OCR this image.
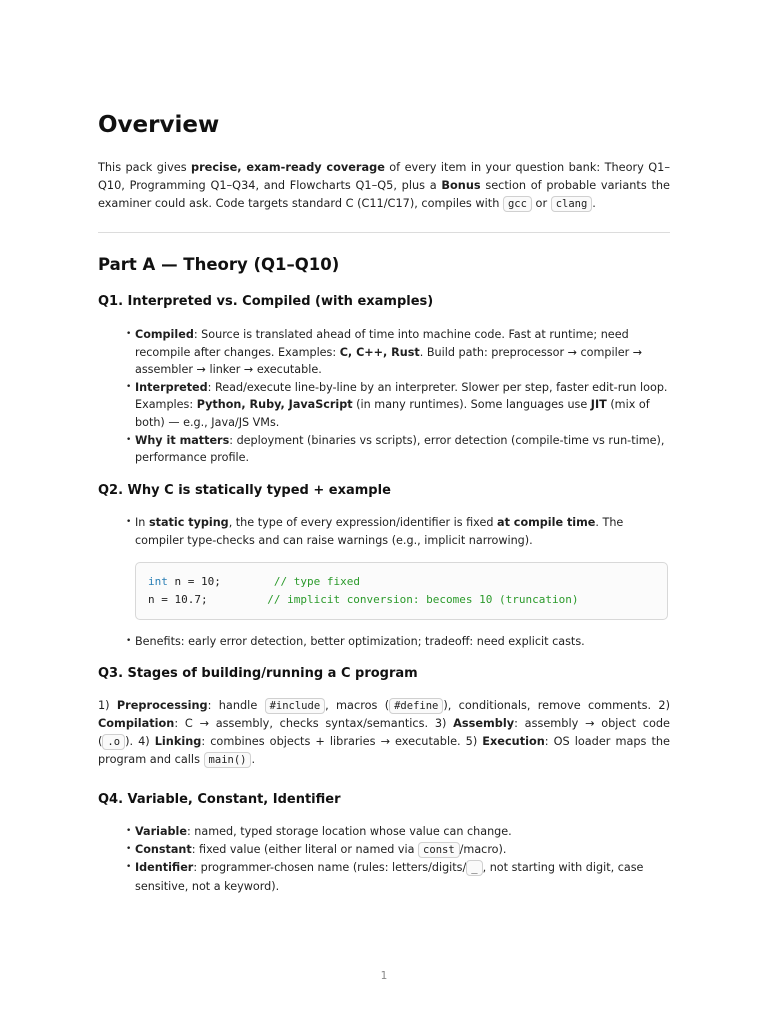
Overview

This pack gives precise, exam-ready coverage of every item in your question bank: Theory Q1–Q10, Programming Q1–Q34, and Flowcharts Q1–Q5, plus a Bonus section of probable variants the examiner could ask. Code targets standard C (C11/C17), compiles with gcc or clang .

Part A — Theory (Q1–Q10)
Q1. Interpreted vs. Compiled (with examples)
• Compiled: Source is translated ahead of time into machine code. Fast at runtime; need recompile after changes. Examples: C, C++, Rust. Build path: preprocessor → compiler → assembler → linker → executable.
• Interpreted: Read/execute line-by-line by an interpreter. Slower per step, faster edit-run loop. Examples: Python, Ruby, JavaScript (in many runtimes). Some languages use JIT (mix of both) — e.g., Java/JS VMs.
• Why it matters: deployment (binaries vs scripts), error detection (compile-time vs run-time), performance profile.
Q2. Why C is statically typed + example
• In static typing, the type of every expression/identifier is fixed at compile time. The compiler type-checks and can raise warnings (e.g., implicit narrowing).
int n = 10;        // type fixed
n = 10.7;         // implicit conversion: becomes 10 (truncation)
• Benefits: early error detection, better optimization; tradeoff: need explicit casts.
Q3. Stages of building/running a C program

1) Preprocessing: handle #include , macros ( #define ), conditionals, remove comments. 2) Compilation: C → assembly, checks syntax/semantics. 3) Assembly: assembly → object code ( .o ). 4) Linking: combines objects + libraries → executable. 5) Execution: OS loader maps the program and calls main() .

Q4. Variable, Constant, Identifier
• Variable: named, typed storage location whose value can change.
• Constant: fixed value (either literal or named via const /macro).
• Identifier: programmer-chosen name (rules: letters/digits/ _ , not starting with digit, case sensitive, not a keyword).
1
